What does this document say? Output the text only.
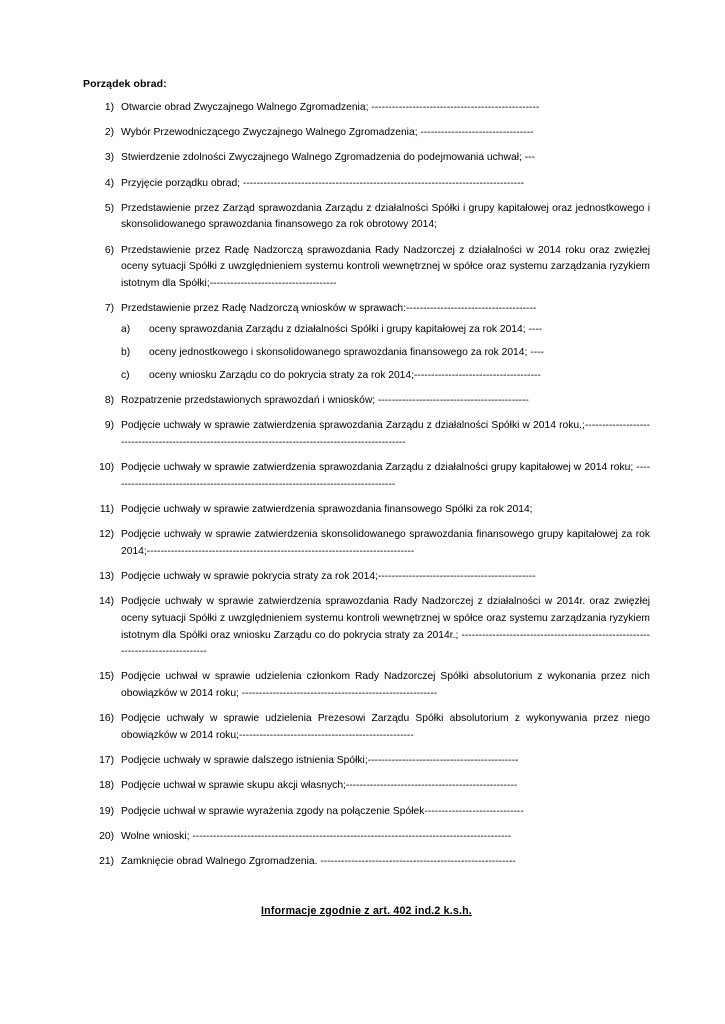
Porządek obrad:
1) Otwarcie obrad Zwyczajnego Walnego Zgromadzenia; -------------------------------------------------
2) Wybór Przewodniczącego Zwyczajnego Walnego Zgromadzenia; ---------------------------------
3) Stwierdzenie zdolności Zwyczajnego Walnego Zgromadzenia do podejmowania uchwał; ---
4) Przyjęcie porządku obrad; ----------------------------------------------------------------------------------
5) Przedstawienie przez Zarząd sprawozdania Zarządu z działalności Spółki i grupy kapitałowej oraz jednostkowego i skonsolidowanego sprawozdania finansowego za rok obrotowy 2014;
6) Przedstawienie przez Radę Nadzorczą sprawozdania Rady Nadzorczej z działalności w 2014 roku oraz zwięzłej oceny sytuacji Spółki z uwzględnieniem systemu kontroli wewnętrznej w spółce oraz systemu zarządzania ryzykiem istotnym dla Spółki;-------------------------------------
7) Przedstawienie przez Radę Nadzorczą wniosków w sprawach:--------------------------------------
a)	oceny sprawozdania Zarządu z działalności Spółki i grupy kapitałowej za rok 2014; ----
b)	oceny jednostkowego i skonsolidowanego sprawozdania finansowego za rok 2014; ----
c)	oceny wniosku Zarządu co do pokrycia straty za rok 2014;-------------------------------------
8) Rozpatrzenie przedstawionych sprawozdań i wniosków; --------------------------------------------
9) Podjęcie uchwały w sprawie zatwierdzenia sprawozdania Zarządu z działalności Spółki w 2014 roku.;------------------------------------------------------------------------------------------------------
10) Podjęcie uchwały w sprawie zatwierdzenia sprawozdania Zarządu z działalności grupy kapitałowej w 2014 roku; ------------------------------------------------------------------------------------
11) Podjęcie uchwały w sprawie zatwierdzenia sprawozdania finansowego Spółki za rok 2014;
12) Podjęcie uchwały w sprawie zatwierdzenia skonsolidowanego sprawozdania finansowego grupy kapitałowej za rok 2014;------------------------------------------------------------------------------
13) Podjęcie uchwały w sprawie pokrycia straty za rok 2014;----------------------------------------------
14) Podjęcie uchwały w sprawie zatwierdzenia sprawozdania Rady Nadzorczej z działalności w 2014r. oraz zwięzłej oceny sytuacji Spółki z uwzględnieniem systemu kontroli wewnętrznej w spółce oraz systemu zarządzania ryzykiem istotnym dla Spółki oraz wniosku Zarządu co do pokrycia straty za 2014r.; --------------------------------------------------------------------------------
15) Podjęcie uchwał w sprawie udzielenia członkom Rady Nadzorczej Spółki absolutorium z wykonania przez nich obowiązków w 2014 roku; ---------------------------------------------------------
16) Podjęcie uchwały w sprawie udzielenia Prezesowi Zarządu Spółki absolutorium z wykonywania przez niego obowiązków w 2014 roku;---------------------------------------------------
17) Podjęcie uchwały w sprawie dalszego istnienia Spółki;--------------------------------------------
18) Podjęcie uchwał w sprawie skupu akcji własnych;--------------------------------------------------
19) Podjęcie uchwał w sprawie wyrażenia zgody na połączenie Spółek-----------------------------
20) Wolne wnioski; ---------------------------------------------------------------------------------------------
21) Zamknięcie obrad Walnego Zgromadzenia. ---------------------------------------------------------
Informacje zgodnie z art. 402 ind.2 k.s.h.
